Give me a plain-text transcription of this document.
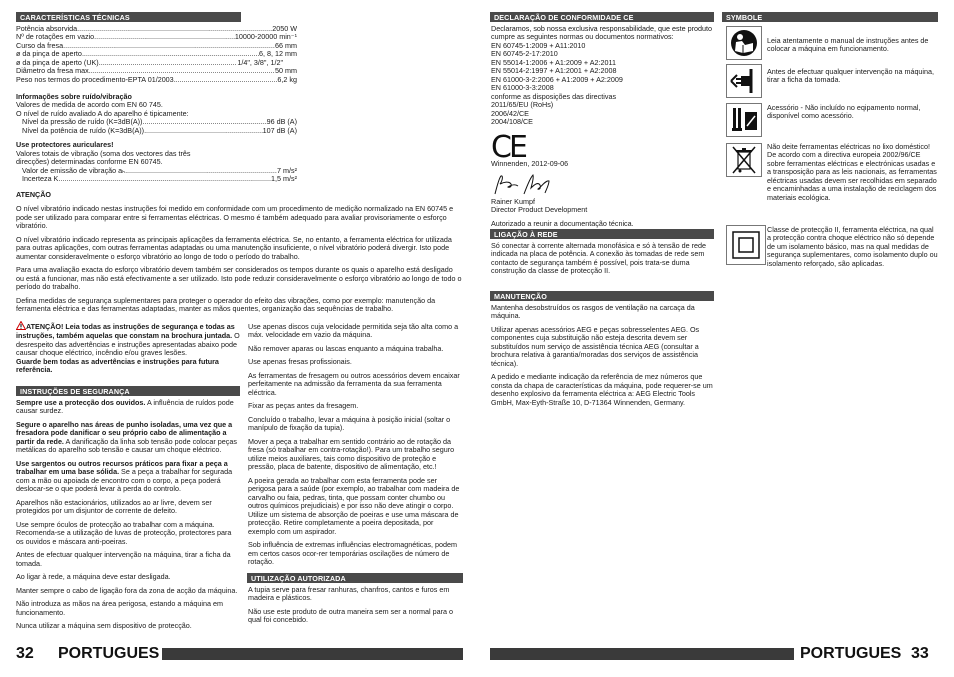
CARACTERÍSTICAS TÉCNICAS
Potência absorvida .....	2050 W
Nº de rotações em vazio .....	10000-20000 min⁻¹
Curso da fresa .....	66 mm
ø da pinça de aperto .....	6, 8, 12 mm
ø da pinça de aperto (UK) .....	1/4", 3/8", 1/2"
Diâmetro da fresa max. .....	50 mm
Peso nos termos do procedimento-EPTA 01/2003 .....	6,2 kg
Informações sobre ruído/vibração
Valores de medida de acordo com EN 60 745.
O nível de ruído avaliado A do aparelho é tipicamente:
Nível da pressão de ruído (K=3dB(A)) .....	96 dB (A)
Nível da potência de ruído (K=3dB(A)) .....	107 dB (A)
Use protectores auriculares!
Valores totais de vibração (soma dos vectores das três direcções) determinadas conforme EN 60745.
Valor de emissão de vibração aₕ .....	7 m/s²
Incerteza K .....	1,5 m/s²

ATENÇÃO

O nível vibratório indicado nestas instruções foi medido em conformidade com um procedimento de medição normalizado na EN 60745 e pode ser utilizado para comparar entre si ferramentas eléctricas. O mesmo é também adequado para avaliar provisoriamente o esforço vibratório.

O nível vibratório indicado representa as principais aplicações da ferramenta eléctrica. Se, no entanto, a ferramenta eléctrica for utilizada para outras aplicações, com outras ferramentas adaptadas ou uma manutenção insuficiente, o nível vibratório poderá divergir. Isto pode aumentar consideravelmente o esforço vibratório ao longo de todo o período do trabalho.

Para uma avaliação exacta do esforço vibratório devem também ser considerados os tempos durante os quais o aparelho está desligado ou está a funcionar, mas não está efectivamente a ser utilizado. Isto pode reduzir consideravelmente o esforço vibratório ao longo de todo o período do trabalho.

Defina medidas de segurança suplementares para proteger o operador do efeito das vibrações, como por exemplo: manutenção da ferramenta eléctrica e das ferramentas adaptadas, manter as mãos quentes, organização das sequências de trabalho.

ATENÇÃO! Leia todas as instruções de segurança e todas as instruções, também aquelas que constam na brochura juntada. O desrespeito das advertências e instruções apresentadas abaixo pode causar choque eléctrico, incêndio e/ou graves lesões.

Guarde bem todas as advertências e instruções para futura referência.

INSTRUÇÕES DE SEGURANÇA

Sempre use a protecção dos ouvidos. A influência de ruídos pode causar surdez.

Segure o aparelho nas áreas de punho isoladas, uma vez que a fresadora pode danificar o seu próprio cabo de alimentação a partir da rede. A danificação da linha sob tensão pode colocar peças metálicas do aparelho sob tensão e causar um choque eléctrico.

Use sargentos ou outros recursos práticos para fixar a peça a trabalhar em uma base sólida. Se a peça a trabalhar for segurada com a mão ou apoiada de encontro com o corpo, a peça poderá deslocar-se o que poderá levar à perda do controlo.

Aparelhos não estacionários, utilizados ao ar livre, devem ser protegidos por um disjuntor de corrente de defeito.

Use sempre óculos de protecção ao trabalhar com a máquina. Recomenda-se a utilização de luvas de protecção, protectores para os ouvidos e máscara anti-poeiras.

Antes de efectuar qualquer intervenção na máquina, tirar a ficha da tomada.

Ao ligar à rede, a máquina deve estar desligada.

Manter sempre o cabo de ligação fora da zona de acção da máquina.

Não introduza as mãos na área perigosa, estando a máquina em funcionamento.

Nunca utilizar a máquina sem dispositivo de protecção.

Use apenas discos cuja velocidade permitida seja tão alta como a máx. velocidade em vazio da máquina.

Não remover aparas ou lascas enquanto a máquina trabalha.

Use apenas fresas profissionais.

As ferramentas de fresagem ou outros acessórios devem encaixar perfeitamente na admissão da ferramenta da sua ferramenta eléctrica.

Fixar as peças antes da fresagem.

Concluído o trabalho, levar a máquina à posição inicial (soltar o manípulo de fixação da tupia).

Mover a peça a trabalhar em sentido contrário ao de rotação da fresa (só trabalhar em contra-rotação!). Para um trabalho seguro utilize meios auxiliares, tais como dispositivo de proteção e pressão, placa de batente, dispositivo de alimentação, etc.!

A poeira gerada ao trabalhar com esta ferramenta pode ser perigosa para a saúde (por exemplo, ao trabalhar com madeira de carvalho ou faia, pedras, tinta, que possam conter chumbo ou outros químicos prejudiciais) e por isso não deve atingir o corpo. Utilize um sistema de absorção de poeiras e use uma máscara de protecção. Retire completamente a poeira depositada, por exemplo com um aspirador.

Sob influência de extremas influências electromagnéticas, podem em certos casos ocor-rer temporárias oscilações de número de rotação.

UTILIZAÇÃO AUTORIZADA

A tupia serve para fresar ranhuras, chanfros, cantos e furos em madeira e plásticos.

Não use este produto de outra maneira sem ser a normal para o qual foi concebido.

32 PORTUGUES
DECLARAÇÃO DE CONFORMIDADE CE
Declaramos, sob nossa exclusiva responsabilidade, que este produto cumpre as seguintes normas ou documentos normativos:
EN 60745-1:2009 + A11:2010
EN 60745-2-17:2010
EN 55014-1:2006 + A1:2009 + A2:2011
EN 55014-2:1997 + A1:2001 + A2:2008
EN 61000-3-2:2006 + A1:2009 + A2:2009
EN 61000-3-3:2008
conforme as disposições das directivas
2011/65/EU (RoHs)
2006/42/CE
2004/108/CE
CE
Winnenden, 2012-09-06
Rainer Kumpf
Director Product Development
Autorizado a reunir a documentação técnica.
LIGAÇÃO À REDE

Só conectar à corrente alternada monofásica e só à tensão de rede indicada na placa de potência. A conexão às tomadas de rede sem contacto de segurança também é possível, pois trata-se duma construção da classe de protecção II.

MANUTENÇÃO

Mantenha desobstruídos os rasgos de ventilação na carcaça da máquina.

Utilizar apenas acessórios AEG e peças sobresselentes AEG. Os componentes cuja substituição não esteja descrita devem ser substituídos num serviço de assistência técnica AEG (consultar a brochura relativa à garantia/moradas dos serviços de assistência técnica).

A pedido e mediante indicação da referência de mez números que consta da chapa de características da máquina, pode requerer-se um desenho explosivo da ferramenta eléctrica a: AEG Electric Tools GmbH, Max-Eyth-Straße 10, D-71364 Winnenden, Germany.

SYMBOLE
Leia atentamente o manual de instruções antes de colocar a máquina em funcionamento.
Antes de efectuar qualquer intervenção na máquina, tirar a ficha da tomada.
Acessório - Não incluído no eqipamento normal, disponível como acessório.
Não deite ferramentas eléctricas no lixo doméstico! De acordo com a directiva europeia 2002/96/CE sobre ferramentas eléctricas e electrónicas usadas e a transposição para as leis nacionais, as ferramentas eléctricas usadas devem ser recolhidas em separado e encaminhadas a uma instalação de reciclagem dos materiais ecológica.
Classe de protecção II, ferramenta eléctrica, na qual a protecção contra choque eléctrico não só depende de um isolamento básico, mas na qual medidas de segurança suplementares, como isolamento duplo ou isolamento reforçado, são aplicadas.
PORTUGUES 33
